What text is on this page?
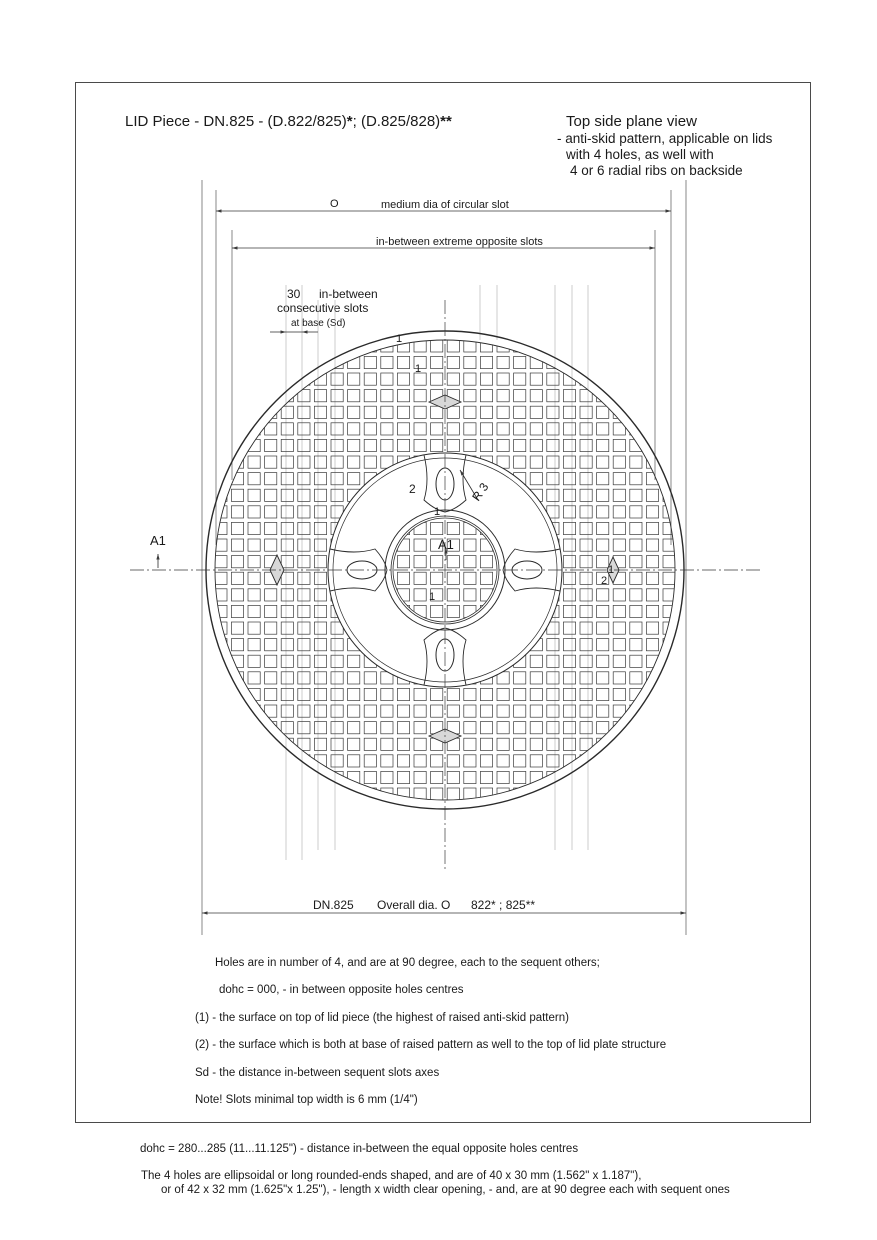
LID Piece - DN.825 - (D.822/825)*; (D.825/828)**	Top side plane view
- anti-skid pattern, applicable on lids
with 4 holes, as well with
4 or 6 radial ribs on backside
O	medium dia of circular slot
in-between extreme opposite slots
30 in-between
consecutive slots
at base (Sd)
DN.825 Overall dia. O 822* ; 825**
A1	A1
1
1
2
1
1
1
2
R 3
Holes are in number of 4, and are at 90 degree, each to the sequent others;
dohc = 000, - in between opposite holes centres
(1) - the surface on top of lid piece (the highest of raised anti-skid pattern)
(2) - the surface which is both at base of raised pattern as well to the top of lid plate structure
Sd - the distance in-between sequent slots axes
Note! Slots minimal top width is 6 mm (1/4")
dohc = 280...285 (11...11.125") - distance in-between the equal opposite holes centres
The 4 holes are ellipsoidal or long rounded-ends shaped, and are of 40 x 30 mm (1.562" x 1.187"),
or of 42 x 32 mm (1.625"x 1.25"), - length x width clear opening, - and, are at 90 degree each with sequent ones
